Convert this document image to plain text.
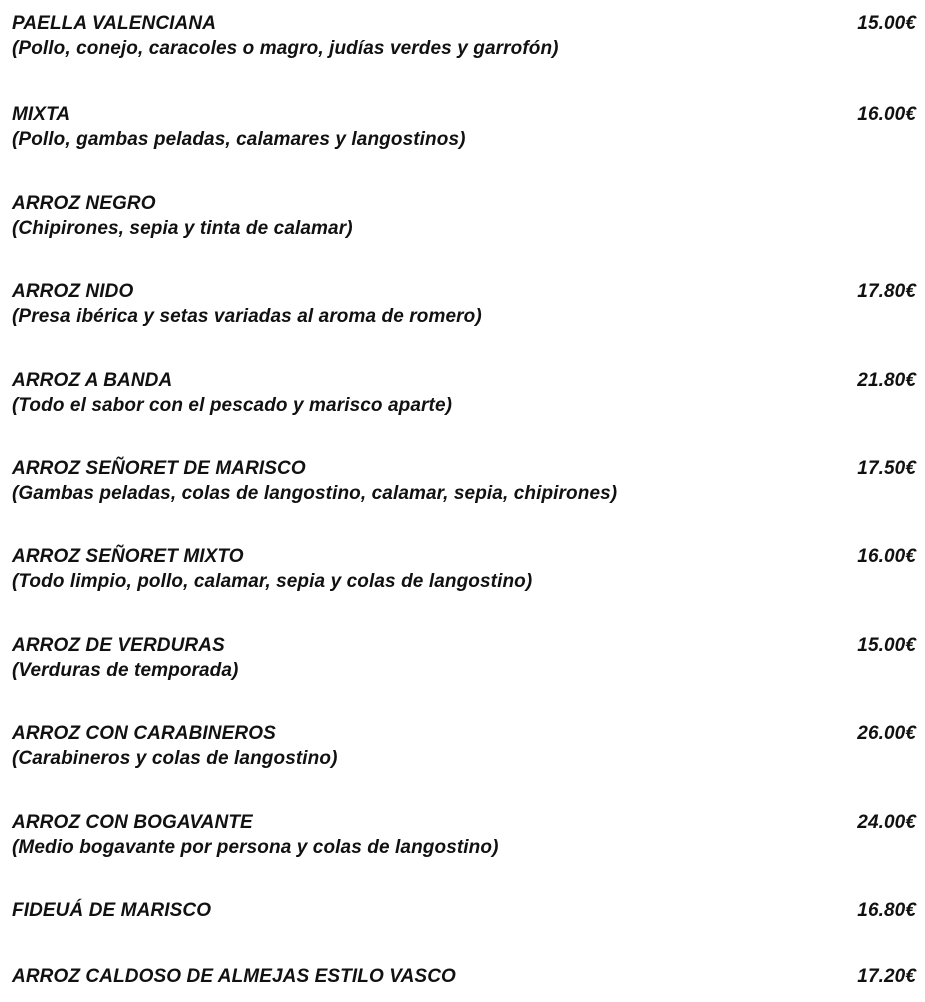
PAELLA VALENCIANA
(Pollo, conejo, caracoles o magro, judías verdes y garrofón)
15.00€
MIXTA
(Pollo, gambas peladas, calamares y langostinos)
16.00€
ARROZ NEGRO
(Chipirones, sepia y tinta de calamar)
ARROZ NIDO
(Presa ibérica y setas variadas al aroma de romero)
17.80€
ARROZ A BANDA
(Todo el sabor con el pescado y marisco aparte)
21.80€
ARROZ SEÑORET DE MARISCO
(Gambas peladas, colas de langostino, calamar, sepia, chipirones)
17.50€
ARROZ SEÑORET MIXTO
(Todo limpio, pollo, calamar, sepia y colas de langostino)
16.00€
ARROZ DE VERDURAS
(Verduras de temporada)
15.00€
ARROZ CON CARABINEROS
(Carabineros y colas de langostino)
26.00€
ARROZ CON BOGAVANTE
(Medio bogavante por persona y colas de langostino)
24.00€
FIDEUÁ DE MARISCO	16.80€
ARROZ CALDOSO DE ALMEJAS ESTILO VASCO	17.20€
